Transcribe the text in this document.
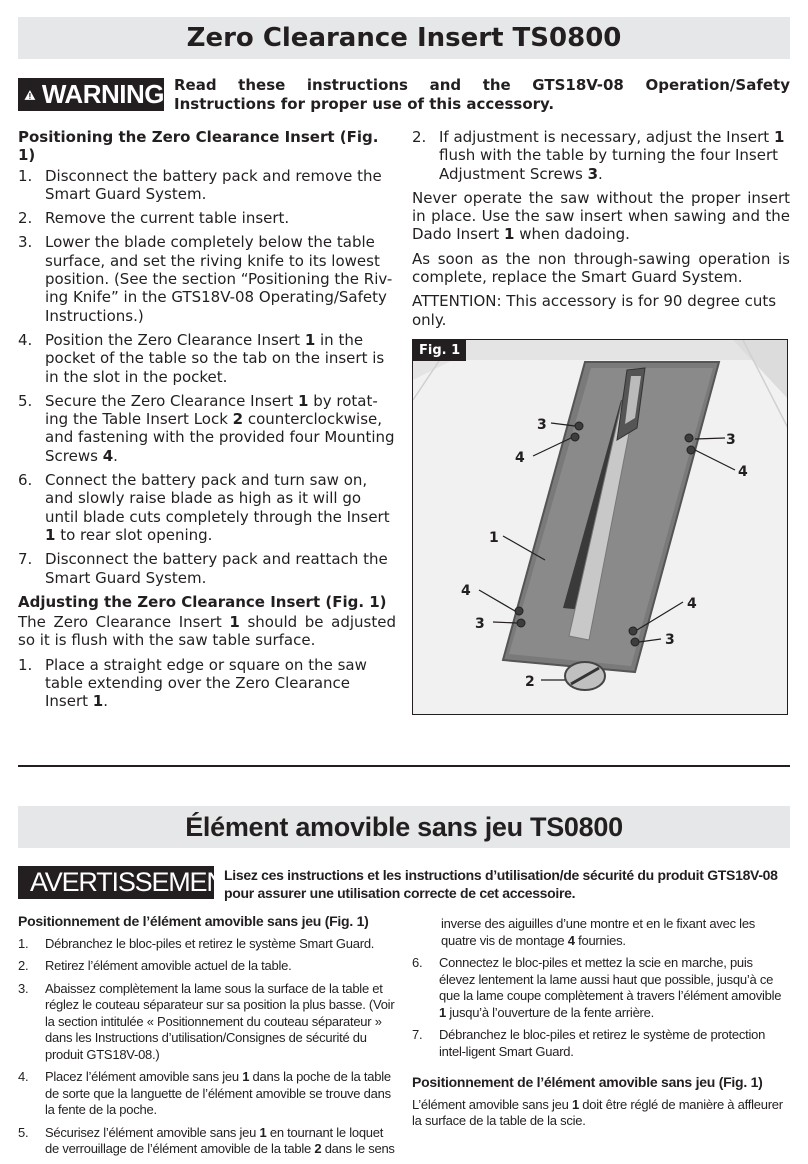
Zero Clearance Insert TS0800
WARNING Read these instructions and the GTS18V-08 Operation/Safety Instructions for proper use of this accessory.
Positioning the Zero Clearance Insert (Fig. 1)
1. Disconnect the battery pack and remove the Smart Guard System.
2. Remove the current table insert.
3. Lower the blade completely below the table surface, and set the riving knife to its lowest position. (See the section “Positioning the Riv-ing Knife” in the GTS18V-08 Operating/Safety Instructions.)
4. Position the Zero Clearance Insert 1 in the pocket of the table so the tab on the insert is in the slot in the pocket.
5. Secure the Zero Clearance Insert 1 by rotat-ing the Table Insert Lock 2 counterclockwise, and fastening with the provided four Mounting Screws 4.
6. Connect the battery pack and turn saw on, and slowly raise blade as high as it will go until blade cuts completely through the Insert 1 to rear slot opening.
7. Disconnect the battery pack and reattach the Smart Guard System.
Adjusting the Zero Clearance Insert (Fig. 1)

The Zero Clearance Insert 1 should be adjusted so it is flush with the saw table surface.

1. Place a straight edge or square on the saw table extending over the Zero Clearance Insert 1.
2. If adjustment is necessary, adjust the Insert 1 flush with the table by turning the four Insert Adjustment Screws 3.

Never operate the saw without the proper insert in place. Use the saw insert when sawing and the Dado Insert 1 when dadoing.

As soon as the non through-sawing operation is complete, replace the Smart Guard System.

ATTENTION: This accessory is for 90 degree cuts only.

3
4
3
4
1
4
3
4
3
2
Fig. 1
Élément amovible sans jeu TS0800
AVERTISSEMENT
Lisez ces instructions et les instructions d’utilisation/de sécurité du produit GTS18V-08 pour assurer une utilisation correcte de cet accessoire.
Positionnement de l’élément amovible sans jeu (Fig. 1)
1. Débranchez le bloc-piles et retirez le système Smart Guard.
2. Retirez l’élément amovible actuel de la table.
3. Abaissez complètement la lame sous la surface de la table et réglez le couteau séparateur sur sa position la plus basse. (Voir la section intitulée « Positionnement du couteau séparateur » dans les Instructions d’utilisation/Consignes de sécurité du produit GTS18V-08.)
4. Placez l’élément amovible sans jeu 1 dans la poche de la table de sorte que la languette de l’élément amovible se trouve dans la fente de la poche.
5. Sécurisez l’élément amovible sans jeu 1 en tournant le loquet de verrouillage de l’élément amovible de la table 2 dans le sens

inverse des aiguilles d’une montre et en le fixant avec les quatre vis de montage 4 fournies.

6. Connectez le bloc-piles et mettez la scie en marche, puis élevez lentement la lame aussi haut que possible, jusqu’à ce que la lame coupe complètement à travers l’élément amovible 1 jusqu’à l’ouverture de la fente arrière.
7. Débranchez le bloc-piles et retirez le système de protection intel-ligent Smart Guard.
Positionnement de l’élément amovible sans jeu (Fig. 1)

L’élément amovible sans jeu 1 doit être réglé de manière à affleurer la surface de la table de la scie.
